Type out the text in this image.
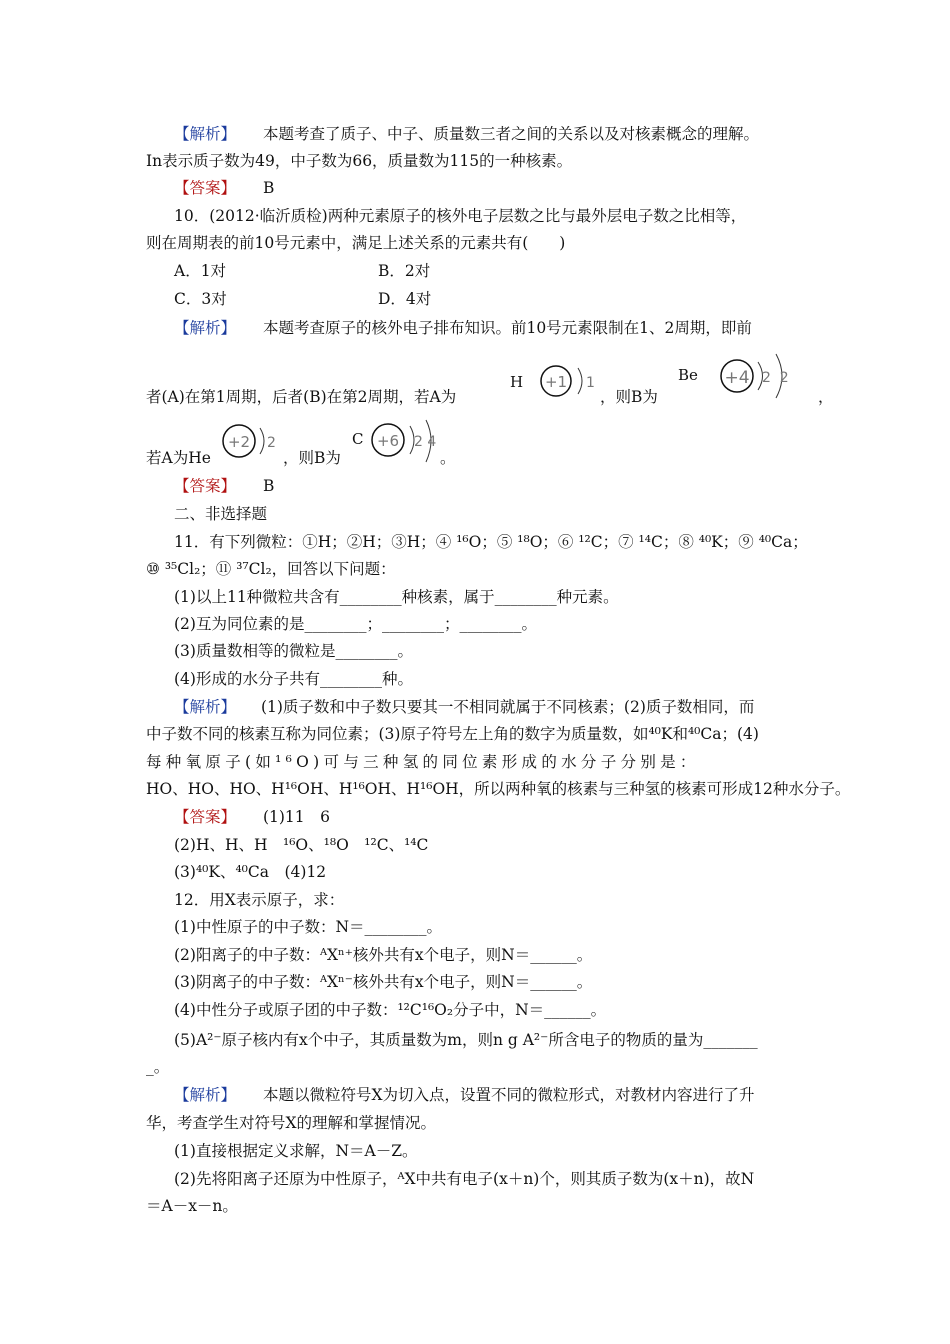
【解析】 本题考查了质子、中子、质量数三者之间的关系以及对核素概念的理解。
In表示质子数为49，中子数为66，质量数为115的一种核素。
【答案】 B
10．(2012·临沂质检)两种元素原子的核外电子层数之比与最外层电子数之比相等，
则在周期表的前10号元素中，满足上述关系的元素共有(　　)
A．1对	B．2对
C．3对	D．4对
【解析】 本题考查原子的核外电子排布知识。前10号元素限制在1、2周期，即前
者(A)在第1周期，后者(B)在第2周期，若A为	，则B为	，
H +1 1	Be +4 2  2
若A为He	，则B为	。
+2 2	C +6 2 4
【答案】 B
二、非选择题
11．有下列微粒：①H；②H；③H；④ ¹⁶O；⑤ ¹⁸O；⑥ ¹²C；⑦ ¹⁴C；⑧ ⁴⁰K；⑨ ⁴⁰Ca；
⑩ ³⁵Cl₂；⑪ ³⁷Cl₂，回答以下问题：
(1)以上11种微粒共含有________种核素，属于________种元素。
(2)互为同位素的是________；________；________。
(3)质量数相等的微粒是________。
(4)形成的水分子共有________种。
【解析】 (1)质子数和中子数只要其一不相同就属于不同核素；(2)质子数相同，而
中子数不同的核素互称为同位素；(3)原子符号左上角的数字为质量数，如⁴⁰K和⁴⁰Ca；(4)
每种氧原子(如¹⁶O)可与三种氢的同位素形成的水分子分别是：
HO、HO、HO、H¹⁶OH、H¹⁶OH、H¹⁶OH，所以两种氧的核素与三种氢的核素可形成12种水分子。
【答案】 (1)11　6
(2)H、H、H　¹⁶O、¹⁸O　¹²C、¹⁴C
(3)⁴⁰K、⁴⁰Ca　(4)12
12．用X表示原子，求：
(1)中性原子的中子数：N＝________。
(2)阳离子的中子数：ᴬXⁿ⁺核外共有x个电子，则N＝______。
(3)阴离子的中子数：ᴬXⁿ⁻核外共有x个电子，则N＝______。
(4)中性分子或原子团的中子数：¹²C¹⁶O₂分子中，N＝______。
(5)A²⁻原子核内有x个中子，其质量数为m，则n g A²⁻所含电子的物质的量为_______
_。
【解析】 本题以微粒符号X为切入点，设置不同的微粒形式，对教材内容进行了升
华，考查学生对符号X的理解和掌握情况。
(1)直接根据定义求解，N＝A－Z。
(2)先将阳离子还原为中性原子，ᴬX中共有电子(x＋n)个，则其质子数为(x＋n)，故N
＝A－x－n。
